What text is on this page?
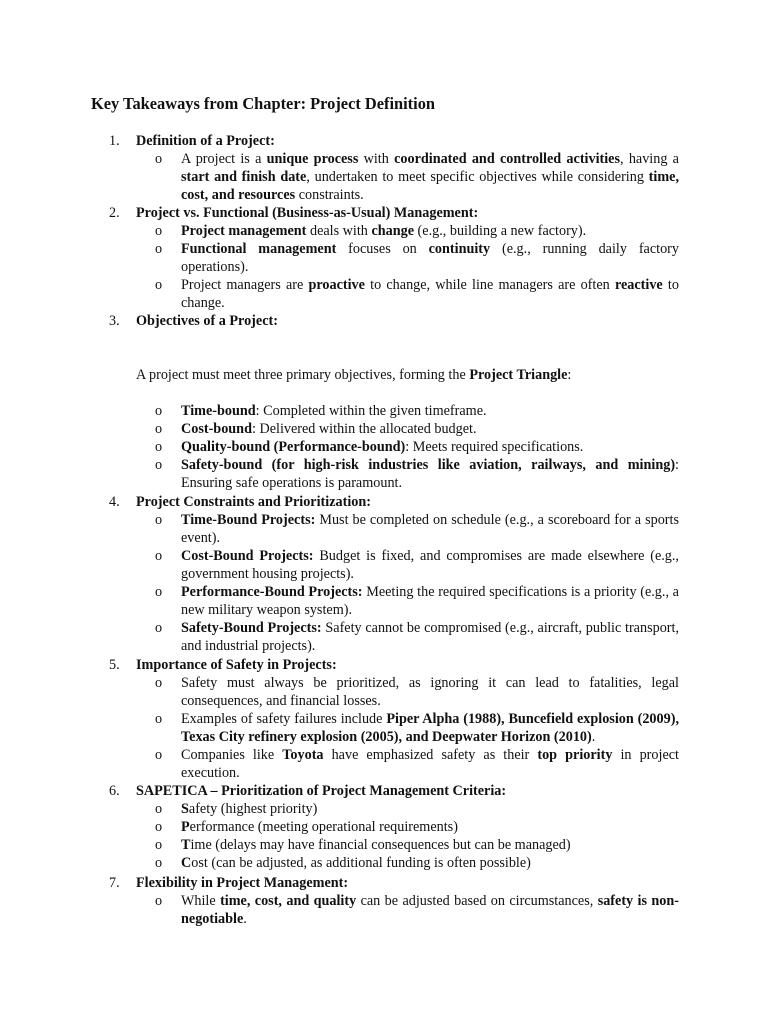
Key Takeaways from Chapter: Project Definition
1. Definition of a Project:
o	A project is a unique process with coordinated and controlled activities, having a start and finish date, undertaken to meet specific objectives while considering time, cost, and resources constraints.
2. Project vs. Functional (Business-as-Usual) Management:
o	Project management deals with change (e.g., building a new factory).
o	Functional management focuses on continuity (e.g., running daily factory operations).
o	Project managers are proactive to change, while line managers are often reactive to change.
3. Objectives of a Project:
A project must meet three primary objectives, forming the Project Triangle:
o	Time-bound: Completed within the given timeframe.
o	Cost-bound: Delivered within the allocated budget.
o	Quality-bound (Performance-bound): Meets required specifications.
o	Safety-bound (for high-risk industries like aviation, railways, and mining): Ensuring safe operations is paramount.
4. Project Constraints and Prioritization:
o	Time-Bound Projects: Must be completed on schedule (e.g., a scoreboard for a sports event).
o	Cost-Bound Projects: Budget is fixed, and compromises are made elsewhere (e.g., government housing projects).
o	Performance-Bound Projects: Meeting the required specifications is a priority (e.g., a new military weapon system).
o	Safety-Bound Projects: Safety cannot be compromised (e.g., aircraft, public transport, and industrial projects).
5. Importance of Safety in Projects:
o	Safety must always be prioritized, as ignoring it can lead to fatalities, legal consequences, and financial losses.
o	Examples of safety failures include Piper Alpha (1988), Buncefield explosion (2009), Texas City refinery explosion (2005), and Deepwater Horizon (2010).
o	Companies like Toyota have emphasized safety as their top priority in project execution.
6. SAPETICA – Prioritization of Project Management Criteria:
o	Safety (highest priority)
o	Performance (meeting operational requirements)
o	Time (delays may have financial consequences but can be managed)
o	Cost (can be adjusted, as additional funding is often possible)
7. Flexibility in Project Management:
o	While time, cost, and quality can be adjusted based on circumstances, safety is non-negotiable.
